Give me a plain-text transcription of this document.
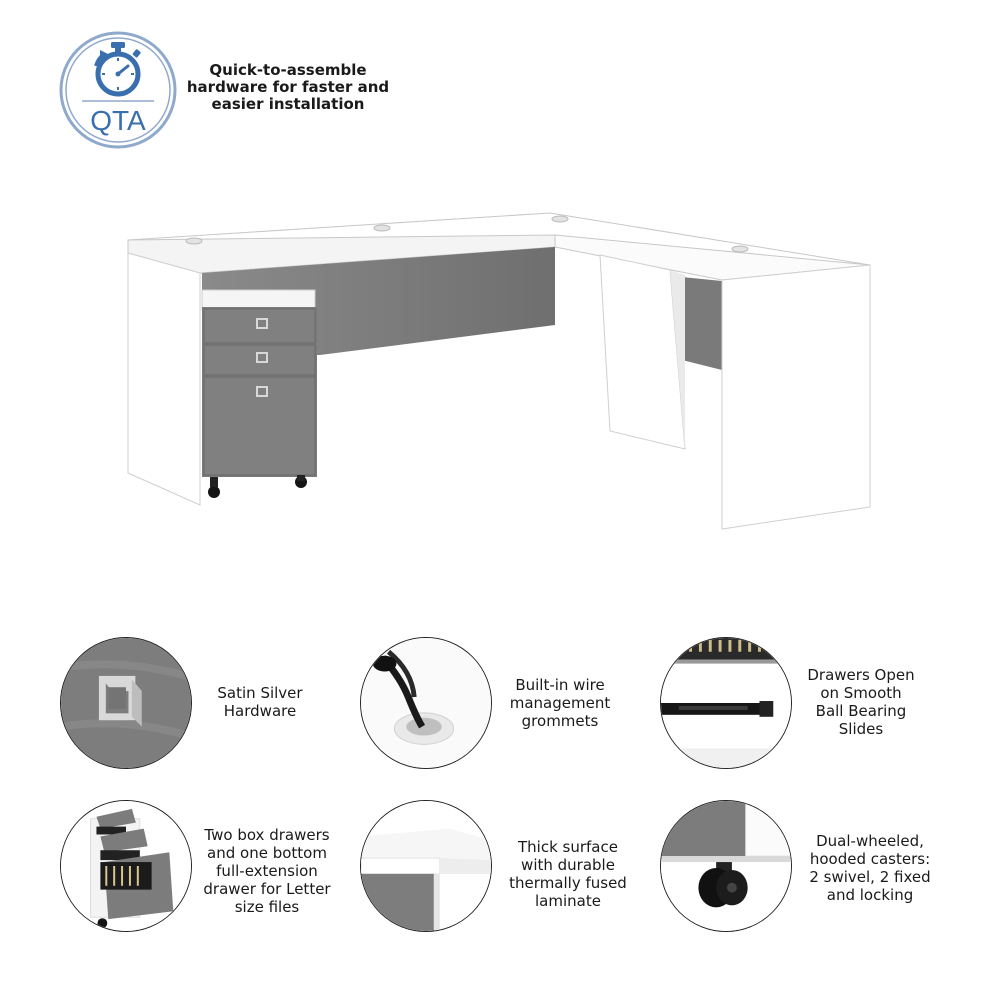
QTA
Quick-to-assemble
hardware for faster and
easier installation
Satin Silver
Hardware
Built-in wire
management
grommets
Drawers Open
on Smooth
Ball Bearing
Slides
Two box drawers
and one bottom
full-extension
drawer for Letter
size files
Thick surface
with durable
thermally fused
laminate
Dual-wheeled,
hooded casters:
2 swivel, 2 fixed
and locking
